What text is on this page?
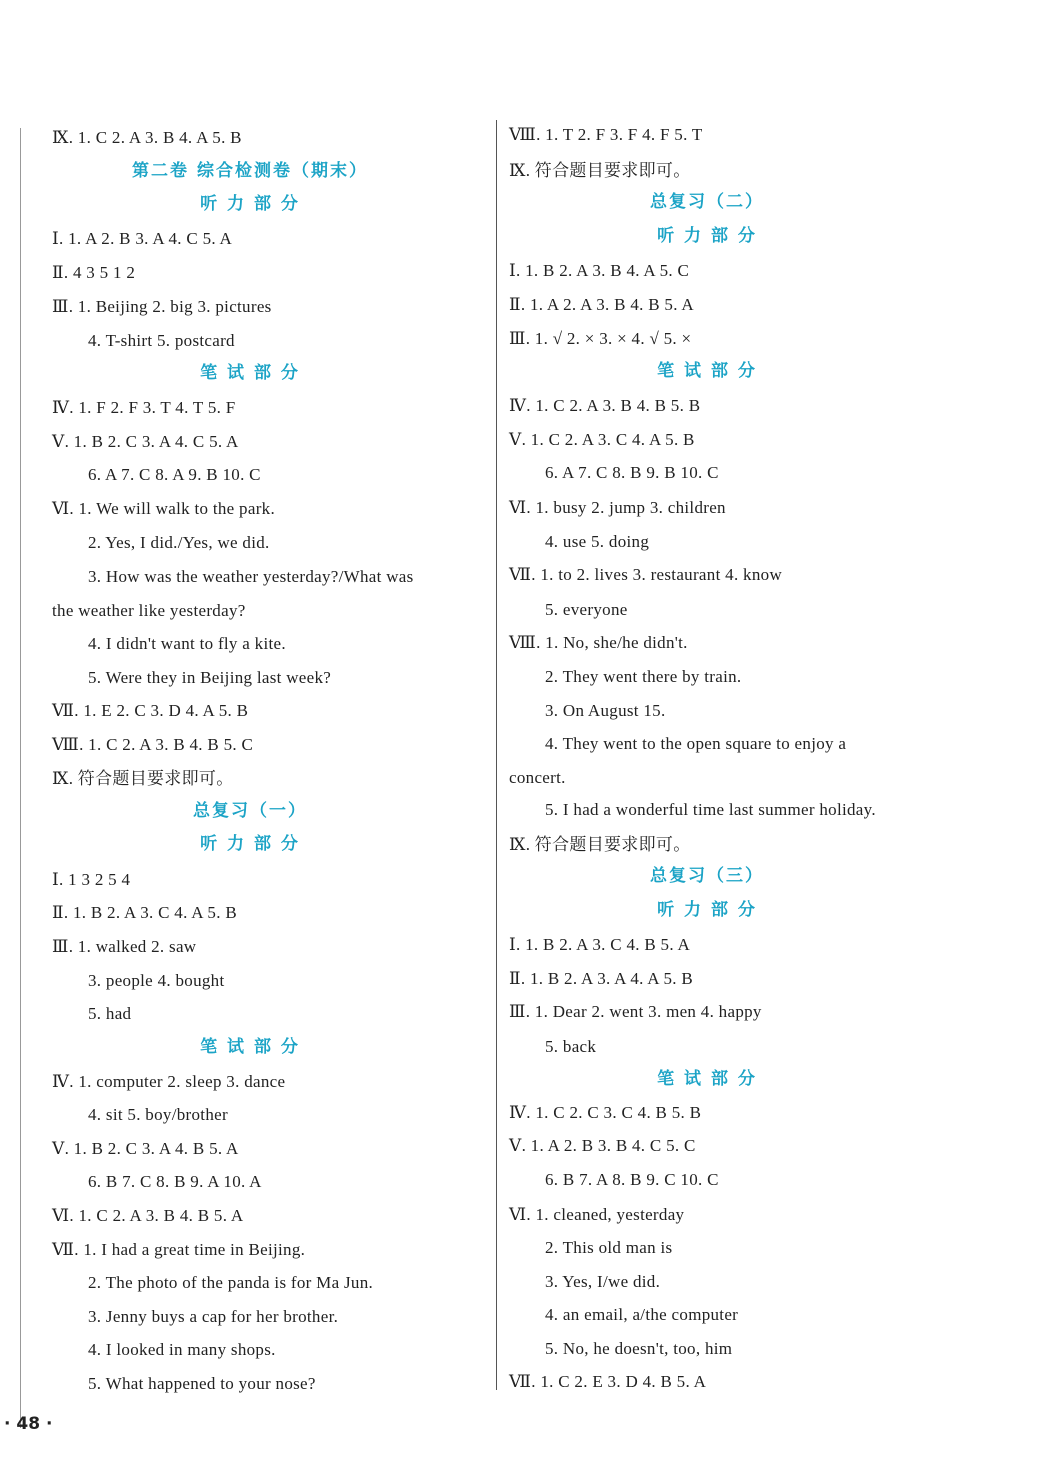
Ⅸ. 1. C 2. A 3. B 4. A 5. B
第二卷 综合检测卷（期末）
听 力 部 分
Ⅰ. 1. A 2. B 3. A 4. C 5. A
Ⅱ. 4 3 5 1 2
Ⅲ. 1. Beijing 2. big 3. pictures
4. T-shirt 5. postcard
笔 试 部 分
Ⅳ. 1. F 2. F 3. T 4. T 5. F
Ⅴ. 1. B 2. C 3. A 4. C 5. A
6. A 7. C 8. A 9. B 10. C
Ⅵ. 1. We will walk to the park.
2. Yes, I did./Yes, we did.
3. How was the weather yesterday?/What was
the weather like yesterday?
4. I didn't want to fly a kite.
5. Were they in Beijing last week?
Ⅶ. 1. E 2. C 3. D 4. A 5. B
Ⅷ. 1. C 2. A 3. B 4. B 5. C
Ⅸ. 符合题目要求即可。
总复习（一）
听 力 部 分
Ⅰ. 1 3 2 5 4
Ⅱ. 1. B 2. A 3. C 4. A 5. B
Ⅲ. 1. walked 2. saw
3. people 4. bought
5. had
笔 试 部 分
Ⅳ. 1. computer 2. sleep 3. dance
4. sit 5. boy/brother
Ⅴ. 1. B 2. C 3. A 4. B 5. A
6. B 7. C 8. B 9. A 10. A
Ⅵ. 1. C 2. A 3. B 4. B 5. A
Ⅶ. 1. I had a great time in Beijing.
2. The photo of the panda is for Ma Jun.
3. Jenny buys a cap for her brother.
4. I looked in many shops.
5. What happened to your nose?
Ⅷ. 1. T 2. F 3. F 4. F 5. T
Ⅸ. 符合题目要求即可。
总复习（二）
听 力 部 分
Ⅰ. 1. B 2. A 3. B 4. A 5. C
Ⅱ. 1. A 2. A 3. B 4. B 5. A
Ⅲ. 1. √ 2. × 3. × 4. √ 5. ×
笔 试 部 分
Ⅳ. 1. C 2. A 3. B 4. B 5. B
Ⅴ. 1. C 2. A 3. C 4. A 5. B
6. A 7. C 8. B 9. B 10. C
Ⅵ. 1. busy 2. jump 3. children
4. use 5. doing
Ⅶ. 1. to 2. lives 3. restaurant 4. know
5. everyone
Ⅷ. 1. No, she/he didn't.
2. They went there by train.
3. On August 15.
4. They went to the open square to enjoy a
concert.
5. I had a wonderful time last summer holiday.
Ⅸ. 符合题目要求即可。
总复习（三）
听 力 部 分
Ⅰ. 1. B 2. A 3. C 4. B 5. A
Ⅱ. 1. B 2. A 3. A 4. A 5. B
Ⅲ. 1. Dear 2. went 3. men 4. happy
5. back
笔 试 部 分
Ⅳ. 1. C 2. C 3. C 4. B 5. B
Ⅴ. 1. A 2. B 3. B 4. C 5. C
6. B 7. A 8. B 9. C 10. C
Ⅵ. 1. cleaned, yesterday
2. This old man is
3. Yes, I/we did.
4. an email, a/the computer
5. No, he doesn't, too, him
Ⅶ. 1. C 2. E 3. D 4. B 5. A
· 48 ·
